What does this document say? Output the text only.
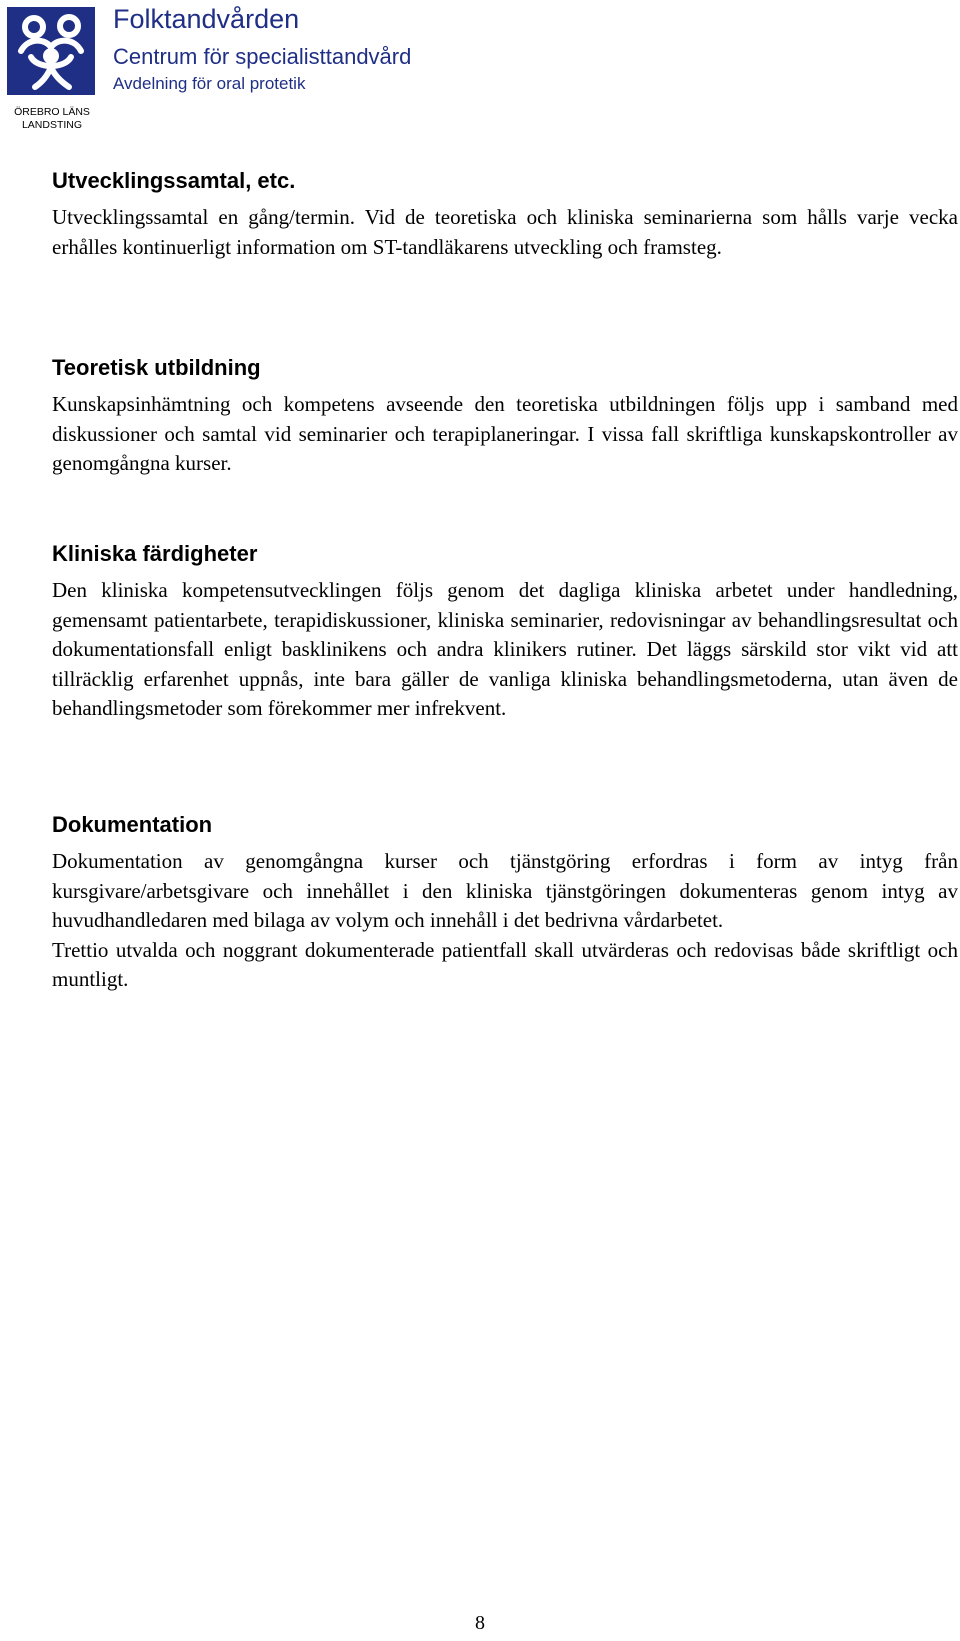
ÖREBRO LÄNS
LANDSTING
Folktandvården
Centrum för specialisttandvård
Avdelning för oral protetik
Utvecklingssamtal, etc.

Utvecklingssamtal en gång/termin. Vid de teoretiska och kliniska seminarierna som hålls varje vecka erhålles kontinuerligt information om ST-tandläkarens utveckling och framsteg.

Teoretisk utbildning

Kunskapsinhämtning och kompetens avseende den teoretiska utbildningen följs upp i samband med diskussioner och samtal vid seminarier och terapiplaneringar. I vissa fall skriftliga kunskapskontroller av genomgångna kurser.

Kliniska färdigheter

Den kliniska kompetensutvecklingen följs genom det dagliga kliniska arbetet under handledning, gemensamt patientarbete, terapidiskussioner, kliniska seminarier, redovisningar av behandlingsresultat och dokumentationsfall enligt basklinikens och andra klinikers rutiner. Det läggs särskild stor vikt vid att tillräcklig erfarenhet uppnås, inte bara gäller de vanliga kliniska behandlingsmetoderna, utan även de behandlingsmetoder som förekommer mer infrekvent.

Dokumentation

Dokumentation av genomgångna kurser och tjänstgöring erfordras i form av intyg från kursgivare/arbetsgivare och innehållet i den kliniska tjänstgöringen dokumenteras genom intyg av huvudhandledaren med bilaga av volym och innehåll i det bedrivna vårdarbetet.

Trettio utvalda och noggrant dokumenterade patientfall skall utvärderas och redovisas både skriftligt och muntligt.

8
